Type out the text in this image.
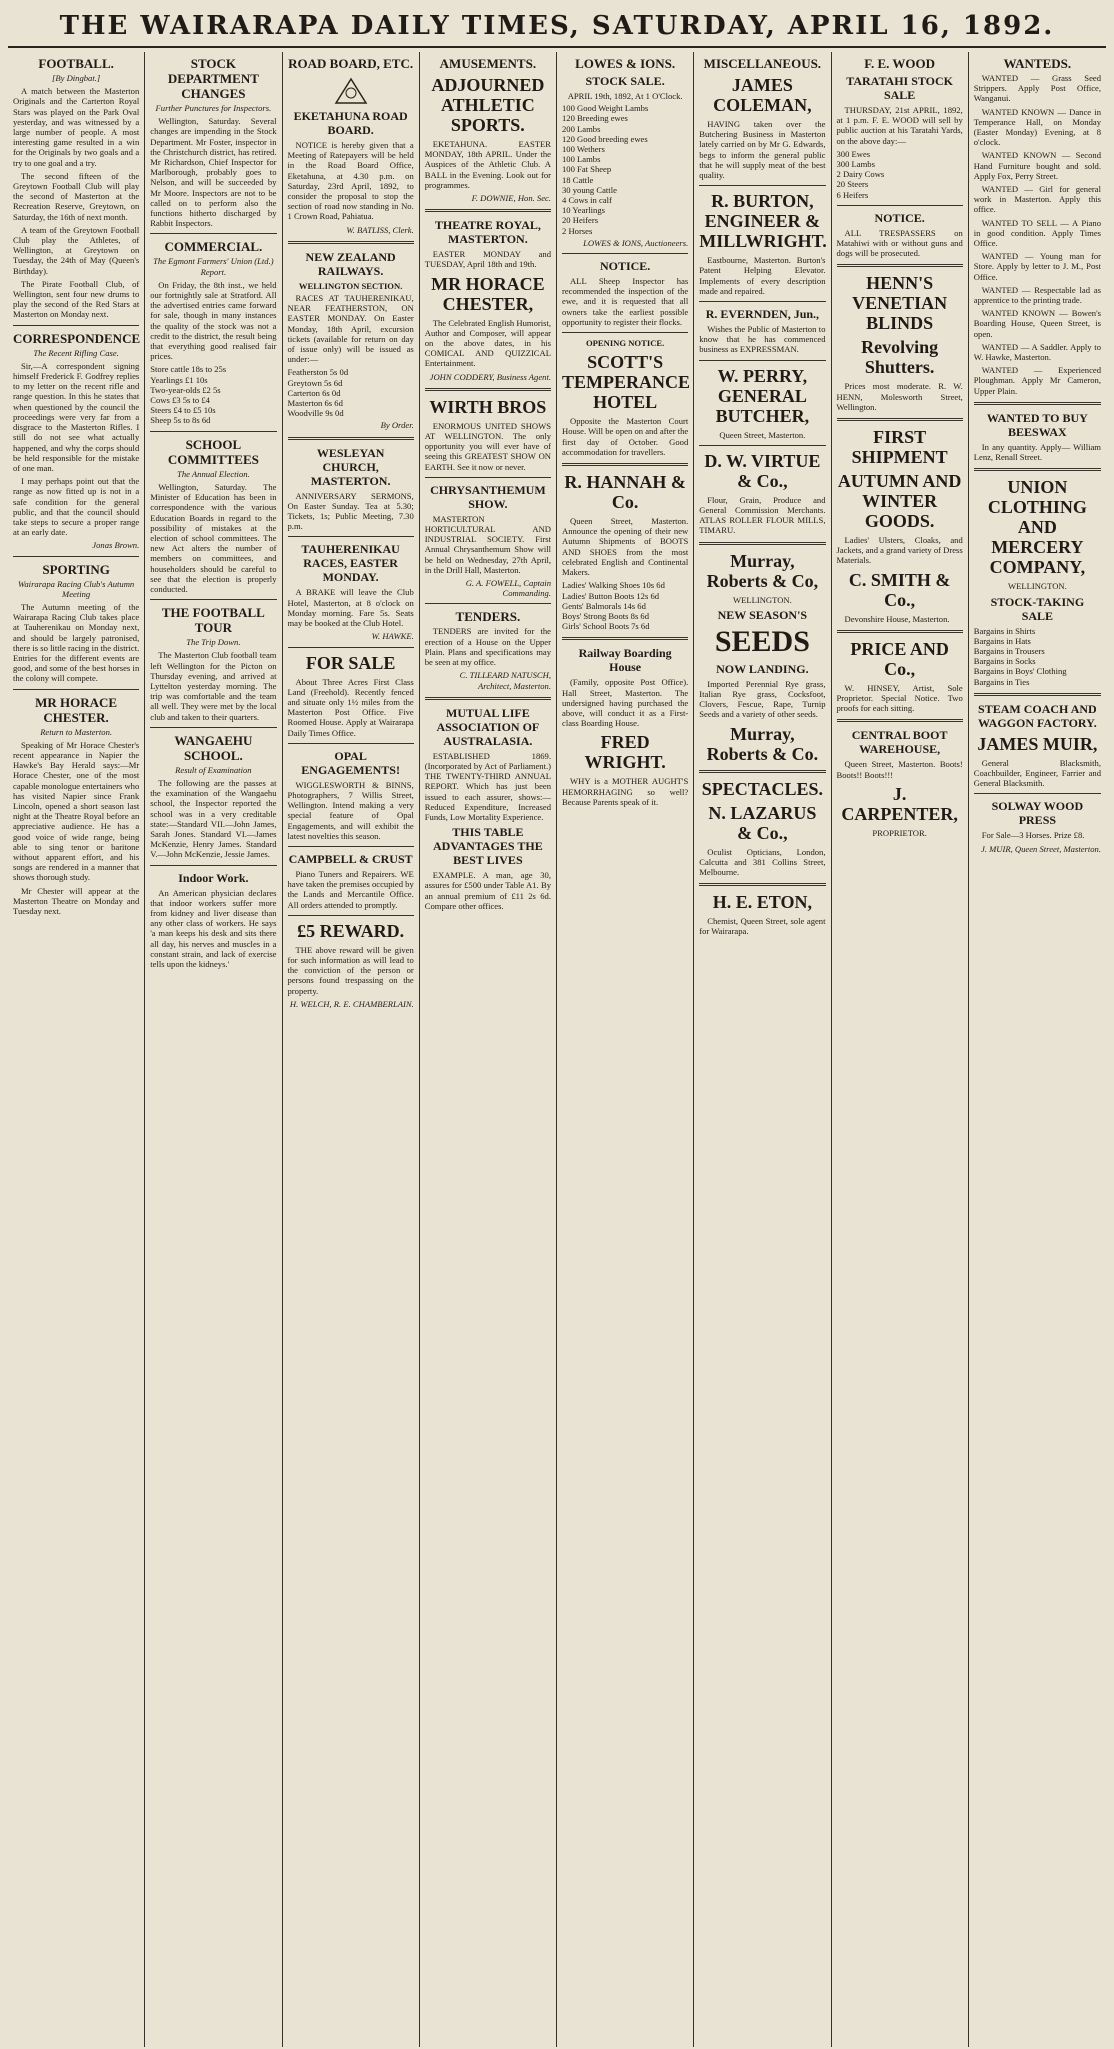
THE WAIRARAPA DAILY TIMES, SATURDAY, APRIL 16, 1892.
FOOTBALL.
[By Dingbat.]

A match between the Masterton Originals and the Carterton Royal Stars was played on the Park Oval yesterday, and was witnessed by a large number of people. A most interesting game resulted in a win for the Originals by two goals and a try to one goal and a try.

The second fifteen of the Greytown Football Club will play the second of Masterton at the Recreation Reserve, Greytown, on Saturday, the 16th of next month.

A team of the Greytown Football Club play the Athletes, of Wellington, at Greytown on Tuesday, the 24th of May (Queen's Birthday).

The Pirate Football Club, of Wellington, sent four new drums to play the second of the Red Stars at Masterton on Monday next.

CORRESPONDENCE
The Recent Rifling Case.

Sir,—A correspondent signing himself Frederick F. Godfrey replies to my letter on the recent rifle and range question. In this he states that when questioned by the council the proceedings were very far from a disgrace to the Masterton Rifles. I still do not see what actually happened, and why the corps should be held responsible for the mistake of one man.

I may perhaps point out that the range as now fitted up is not in a safe condition for the general public, and that the council should take steps to secure a proper range at an early date.

Jonas Brown.
SPORTING
Wairarapa Racing Club's Autumn Meeting

The Autumn meeting of the Wairarapa Racing Club takes place at Tauherenikau on Monday next, and should be largely patronised, there is so little racing in the district. Entries for the different events are good, and some of the best horses in the colony will compete.

MR HORACE CHESTER.
Return to Masterton.

Speaking of Mr Horace Chester's recent appearance in Napier the Hawke's Bay Herald says:—Mr Horace Chester, one of the most capable monologue entertainers who has visited Napier since Frank Lincoln, opened a short season last night at the Theatre Royal before an appreciative audience. He has a good voice of wide range, being able to sing tenor or baritone without apparent effort, and his songs are rendered in a manner that shows thorough study.

Mr Chester will appear at the Masterton Theatre on Monday and Tuesday next.

STOCK DEPARTMENT CHANGES
Further Punctures for Inspectors.

Wellington, Saturday. Several changes are impending in the Stock Department. Mr Foster, inspector in the Christchurch district, has retired. Mr Richardson, Chief Inspector for Marlborough, probably goes to Nelson, and will be succeeded by Mr Moore. Inspectors are not to be called on to perform also the functions hitherto discharged by Rabbit Inspectors.

COMMERCIAL.
The Egmont Farmers' Union (Ltd.) Report.

On Friday, the 8th inst., we held our fortnightly sale at Stratford. All the advertised entries came forward for sale, though in many instances the quality of the stock was not a credit to the district, the result being that everything good realised fair prices.

Store cattle 18s to 25s
Yearlings £1 10s
Two-year-olds £2 5s
Cows £3 5s to £4
Steers £4 to £5 10s
Sheep 5s to 8s 6d
SCHOOL COMMITTEES
The Annual Election.

Wellington, Saturday. The Minister of Education has been in correspondence with the various Education Boards in regard to the possibility of mistakes at the election of school committees. The new Act alters the number of members on committees, and householders should be careful to see that the election is properly conducted.

THE FOOTBALL TOUR
The Trip Down.

The Masterton Club football team left Wellington for the Picton on Thursday evening, and arrived at Lyttelton yesterday morning. The trip was comfortable and the team all well. They were met by the local club and taken to their quarters.

WANGAEHU SCHOOL.
Result of Examination

The following are the passes at the examination of the Wangaehu school, the Inspector reported the school was in a very creditable state:—Standard VII.—John James, Sarah Jones. Standard VI.—James McKenzie, Henry James. Standard V.—John McKenzie, Jessie James.

Indoor Work.

An American physician declares that indoor workers suffer more from kidney and liver disease than any other class of workers. He says 'a man keeps his desk and sits there all day, his nerves and muscles in a constant strain, and lack of exercise tells upon the kidneys.'

ROAD BOARD, ETC.
EKETAHUNA ROAD BOARD.

NOTICE is hereby given that a Meeting of Ratepayers will be held in the Road Board Office, Eketahuna, at 4.30 p.m. on Saturday, 23rd April, 1892, to consider the proposal to stop the section of road now standing in No. 1 Crown Road, Pahiatua.

W. BATLISS, Clerk.
NEW ZEALAND RAILWAYS.
WELLINGTON SECTION.

RACES AT TAUHERENIKAU, NEAR FEATHERSTON, ON EASTER MONDAY. On Easter Monday, 18th April, excursion tickets (available for return on day of issue only) will be issued as under:—

Featherston 5s 0d
Greytown 5s 6d
Carterton 6s 0d
Masterton 6s 6d
Woodville 9s 0d
By Order.
WESLEYAN CHURCH, MASTERTON.

ANNIVERSARY SERMONS, On Easter Sunday. Tea at 5.30; Tickets, 1s; Public Meeting, 7.30 p.m.

TAUHERENIKAU RACES, EASTER MONDAY.

A BRAKE will leave the Club Hotel, Masterton, at 8 o'clock on Monday morning. Fare 5s. Seats may be booked at the Club Hotel.

W. HAWKE.
FOR SALE

About Three Acres First Class Land (Freehold). Recently fenced and situate only 1½ miles from the Masterton Post Office. Five Roomed House. Apply at Wairarapa Daily Times Office.

OPAL ENGAGEMENTS!

WIGGLESWORTH & BINNS, Photographers, 7 Willis Street, Wellington. Intend making a very special feature of Opal Engagements, and will exhibit the latest novelties this season.

CAMPBELL & CRUST

Piano Tuners and Repairers. WE have taken the premises occupied by the Lands and Mercantile Office. All orders attended to promptly.

£5 REWARD.

THE above reward will be given for such information as will lead to the conviction of the person or persons found trespassing on the property.

H. WELCH, R. E. CHAMBERLAIN.
AMUSEMENTS.
ADJOURNED ATHLETIC SPORTS.

EKETAHUNA. EASTER MONDAY, 18th APRIL. Under the Auspices of the Athletic Club. A BALL in the Evening. Look out for programmes.

F. DOWNIE, Hon. Sec.
THEATRE ROYAL, MASTERTON.

EASTER MONDAY and TUESDAY, April 18th and 19th.

MR HORACE CHESTER,

The Celebrated English Humorist, Author and Composer, will appear on the above dates, in his COMICAL AND QUIZZICAL Entertainment.

JOHN CODDERY, Business Agent.
WIRTH BROS

ENORMOUS UNITED SHOWS AT WELLINGTON. The only opportunity you will ever have of seeing this GREATEST SHOW ON EARTH. See it now or never.

CHRYSANTHEMUM SHOW.

MASTERTON HORTICULTURAL AND INDUSTRIAL SOCIETY. First Annual Chrysanthemum Show will be held on Wednesday, 27th April, in the Drill Hall, Masterton.

G. A. FOWELL, Captain Commanding.
TENDERS.

TENDERS are invited for the erection of a House on the Upper Plain. Plans and specifications may be seen at my office.

C. TILLEARD NATUSCH, Architect, Masterton.
MUTUAL LIFE ASSOCIATION OF AUSTRALASIA.

ESTABLISHED 1869. (Incorporated by Act of Parliament.) THE TWENTY-THIRD ANNUAL REPORT. Which has just been issued to each assurer, shows:—Reduced Expenditure, Increased Funds, Low Mortality Experience.

THIS TABLE ADVANTAGES THE BEST LIVES

EXAMPLE. A man, age 30, assures for £500 under Table A1. By an annual premium of £11 2s 6d. Compare other offices.

LOWES & IONS.
STOCK SALE.
APRIL 19th, 1892, At 1 O'Clock.
100 Good Weight Lambs
120 Breeding ewes
200 Lambs
120 Good breeding ewes
100 Wethers
100 Lambs
100 Fat Sheep
18 Cattle
30 young Cattle
4 Cows in calf
10 Yearlings
20 Heifers
2 Horses
LOWES & IONS, Auctioneers.
NOTICE.

ALL Sheep Inspector has recommended the inspection of the ewe, and it is requested that all owners take the earliest possible opportunity to register their flocks.

OPENING NOTICE.
SCOTT'S TEMPERANCE HOTEL

Opposite the Masterton Court House. Will be open on and after the first day of October. Good accommodation for travellers.

R. HANNAH & Co.

Queen Street, Masterton. Announce the opening of their new Autumn Shipments of BOOTS AND SHOES from the most celebrated English and Continental Makers.

Ladies' Walking Shoes 10s 6d
Ladies' Button Boots 12s 6d
Gents' Balmorals 14s 6d
Boys' Strong Boots 8s 6d
Girls' School Boots 7s 6d
Railway Boarding House

(Family, opposite Post Office). Hall Street, Masterton. The undersigned having purchased the above, will conduct it as a First-class Boarding House.

FRED WRIGHT.

WHY is a MOTHER AUGHT'S HEMORRHAGING so well? Because Parents speak of it.

MISCELLANEOUS.
JAMES COLEMAN,

HAVING taken over the Butchering Business in Masterton lately carried on by Mr G. Edwards, begs to inform the general public that he will supply meat of the best quality.

R. BURTON, ENGINEER & MILLWRIGHT.

Eastbourne, Masterton. Burton's Patent Helping Elevator. Implements of every description made and repaired.

R. EVERNDEN, Jun.,

Wishes the Public of Masterton to know that he has commenced business as EXPRESSMAN.

W. PERRY, GENERAL BUTCHER,
Queen Street, Masterton.
D. W. VIRTUE & Co.,

Flour, Grain, Produce and General Commission Merchants. ATLAS ROLLER FLOUR MILLS, TIMARU.

Murray, Roberts & Co,
WELLINGTON.
NEW SEASON'S
SEEDS
NOW LANDING.

Imported Perennial Rye grass, Italian Rye grass, Cocksfoot, Clovers, Fescue, Rape, Turnip Seeds and a variety of other seeds.

Murray, Roberts & Co.
SPECTACLES.
N. LAZARUS & Co.,

Oculist Opticians, London, Calcutta and 381 Collins Street, Melbourne.

H. E. ETON,

Chemist, Queen Street, sole agent for Wairarapa.

F. E. WOOD
TARATAHI STOCK SALE

THURSDAY, 21st APRIL, 1892, at 1 p.m. F. E. WOOD will sell by public auction at his Taratahi Yards, on the above day:—

300 Ewes
300 Lambs
2 Dairy Cows
20 Steers
6 Heifers
NOTICE.

ALL TRESPASSERS on Matahiwi with or without guns and dogs will be prosecuted.

HENN'S VENETIAN BLINDS
Revolving Shutters.

Prices most moderate. R. W. HENN, Molesworth Street, Wellington.

FIRST SHIPMENT
AUTUMN AND WINTER GOODS.

Ladies' Ulsters, Cloaks, and Jackets, and a grand variety of Dress Materials.

C. SMITH & Co.,

Devonshire House, Masterton.

PRICE AND Co.,

W. HINSEY, Artist, Sole Proprietor. Special Notice. Two proofs for each sitting.

CENTRAL BOOT WAREHOUSE,

Queen Street, Masterton. Boots! Boots!! Boots!!!

J. CARPENTER,
PROPRIETOR.
WANTEDS.

WANTED — Grass Seed Strippers. Apply Post Office, Wanganui.

WANTED KNOWN — Dance in Temperance Hall, on Monday (Easter Monday) Evening, at 8 o'clock.

WANTED KNOWN — Second Hand Furniture bought and sold. Apply Fox, Perry Street.

WANTED — Girl for general work in Masterton. Apply this office.

WANTED TO SELL — A Piano in good condition. Apply Times Office.

WANTED — Young man for Store. Apply by letter to J. M., Post Office.

WANTED — Respectable lad as apprentice to the printing trade.

WANTED KNOWN — Bowen's Boarding House, Queen Street, is open.

WANTED — A Saddler. Apply to W. Hawke, Masterton.

WANTED — Experienced Ploughman. Apply Mr Cameron, Upper Plain.

WANTED TO BUY BEESWAX

In any quantity. Apply— William Lenz, Renall Street.

UNION CLOTHING AND MERCERY COMPANY,
WELLINGTON.
STOCK-TAKING SALE
Bargains in Shirts
Bargains in Hats
Bargains in Trousers
Bargains in Socks
Bargains in Boys' Clothing
Bargains in Ties
STEAM COACH AND WAGGON FACTORY.
JAMES MUIR,

General Blacksmith, Coachbuilder, Engineer, Farrier and General Blacksmith.

SOLWAY WOOD PRESS

For Sale—3 Horses. Prize £8.

J. MUIR, Queen Street, Masterton.
